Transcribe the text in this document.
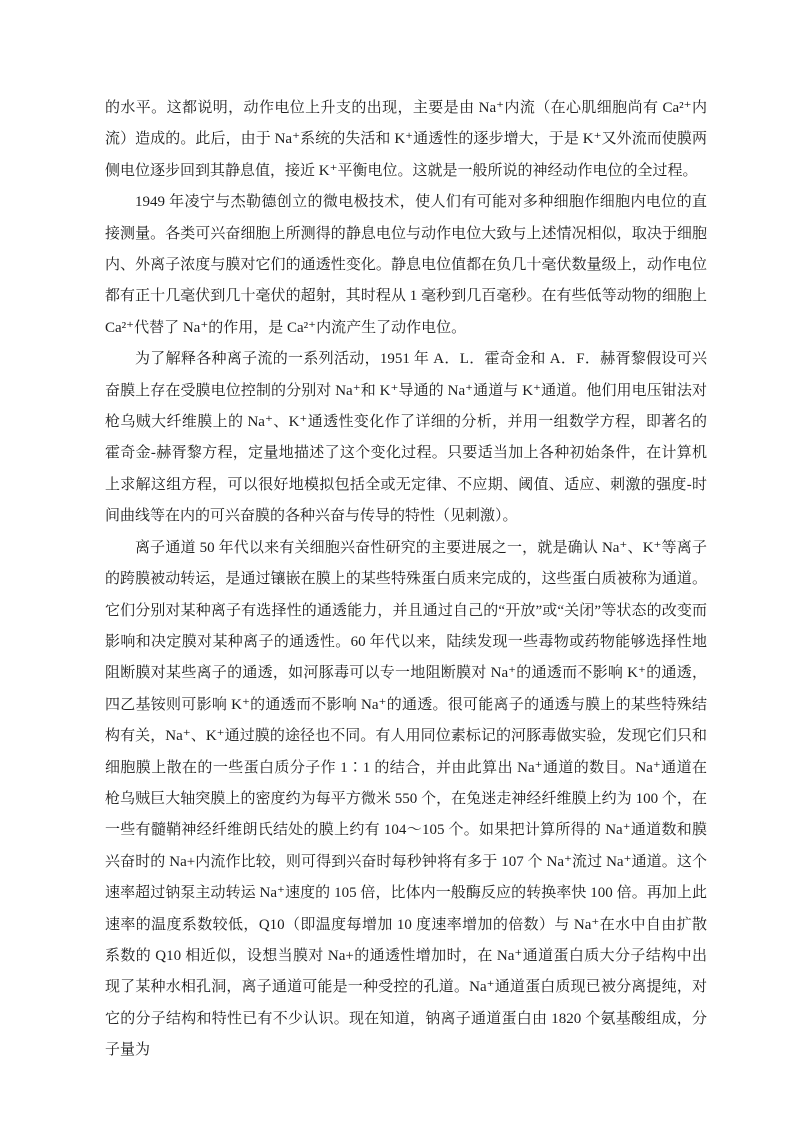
的水平。这都说明，动作电位上升支的出现，主要是由 Na⁺内流（在心肌细胞尚有 Ca²⁺内流）造成的。此后，由于 Na⁺系统的失活和 K⁺通透性的逐步增大，于是 K⁺又外流而使膜两侧电位逐步回到其静息值，接近 K⁺平衡电位。这就是一般所说的神经动作电位的全过程。

1949 年凌宁与杰勒德创立的微电极技术，使人们有可能对多种细胞作细胞内电位的直接测量。各类可兴奋细胞上所测得的静息电位与动作电位大致与上述情况相似，取决于细胞内、外离子浓度与膜对它们的通透性变化。静息电位值都在负几十毫伏数量级上，动作电位都有正十几毫伏到几十毫伏的超射，其时程从 1 毫秒到几百毫秒。在有些低等动物的细胞上 Ca²⁺代替了 Na⁺的作用，是 Ca²⁺内流产生了动作电位。

为了解释各种离子流的一系列活动，1951 年 A．L．霍奇金和 A．F．赫胥黎假设可兴奋膜上存在受膜电位控制的分别对 Na⁺和 K⁺导通的 Na⁺通道与 K⁺通道。他们用电压钳法对枪乌贼大纤维膜上的 Na⁺、K⁺通透性变化作了详细的分析，并用一组数学方程，即著名的霍奇金-赫胥黎方程，定量地描述了这个变化过程。只要适当加上各种初始条件，在计算机上求解这组方程，可以很好地模拟包括全或无定律、不应期、阈值、适应、刺激的强度-时间曲线等在内的可兴奋膜的各种兴奋与传导的特性（见刺激）。

离子通道 50 年代以来有关细胞兴奋性研究的主要进展之一，就是确认 Na⁺、K⁺等离子的跨膜被动转运，是通过镶嵌在膜上的某些特殊蛋白质来完成的，这些蛋白质被称为通道。它们分别对某种离子有选择性的通透能力，并且通过自己的“开放”或“关闭”等状态的改变而影响和决定膜对某种离子的通透性。60 年代以来，陆续发现一些毒物或药物能够选择性地阻断膜对某些离子的通透，如河豚毒可以专一地阻断膜对 Na⁺的通透而不影响 K⁺的通透，四乙基铵则可影响 K⁺的通透而不影响 Na⁺的通透。很可能离子的通透与膜上的某些特殊结构有关，Na⁺、K⁺通过膜的途径也不同。有人用同位素标记的河豚毒做实验，发现它们只和细胞膜上散在的一些蛋白质分子作 1∶1 的结合，并由此算出 Na⁺通道的数目。Na⁺通道在枪乌贼巨大轴突膜上的密度约为每平方微米 550 个，在兔迷走神经纤维膜上约为 100 个，在一些有髓鞘神经纤维朗氏结处的膜上约有 104～105 个。如果把计算所得的 Na⁺通道数和膜兴奋时的 Na+内流作比较，则可得到兴奋时每秒钟将有多于 107 个 Na⁺流过 Na⁺通道。这个速率超过钠泵主动转运 Na⁺速度的 105 倍，比体内一般酶反应的转换率快 100 倍。再加上此速率的温度系数较低，Q10（即温度每增加 10 度速率增加的倍数）与 Na⁺在水中自由扩散系数的 Q10 相近似，设想当膜对 Na+的通透性增加时，在 Na⁺通道蛋白质大分子结构中出现了某种水相孔洞，离子通道可能是一种受控的孔道。Na⁺通道蛋白质现已被分离提纯，对它的分子结构和特性已有不少认识。现在知道，钠离子通道蛋白由 1820 个氨基酸组成，分子量为
